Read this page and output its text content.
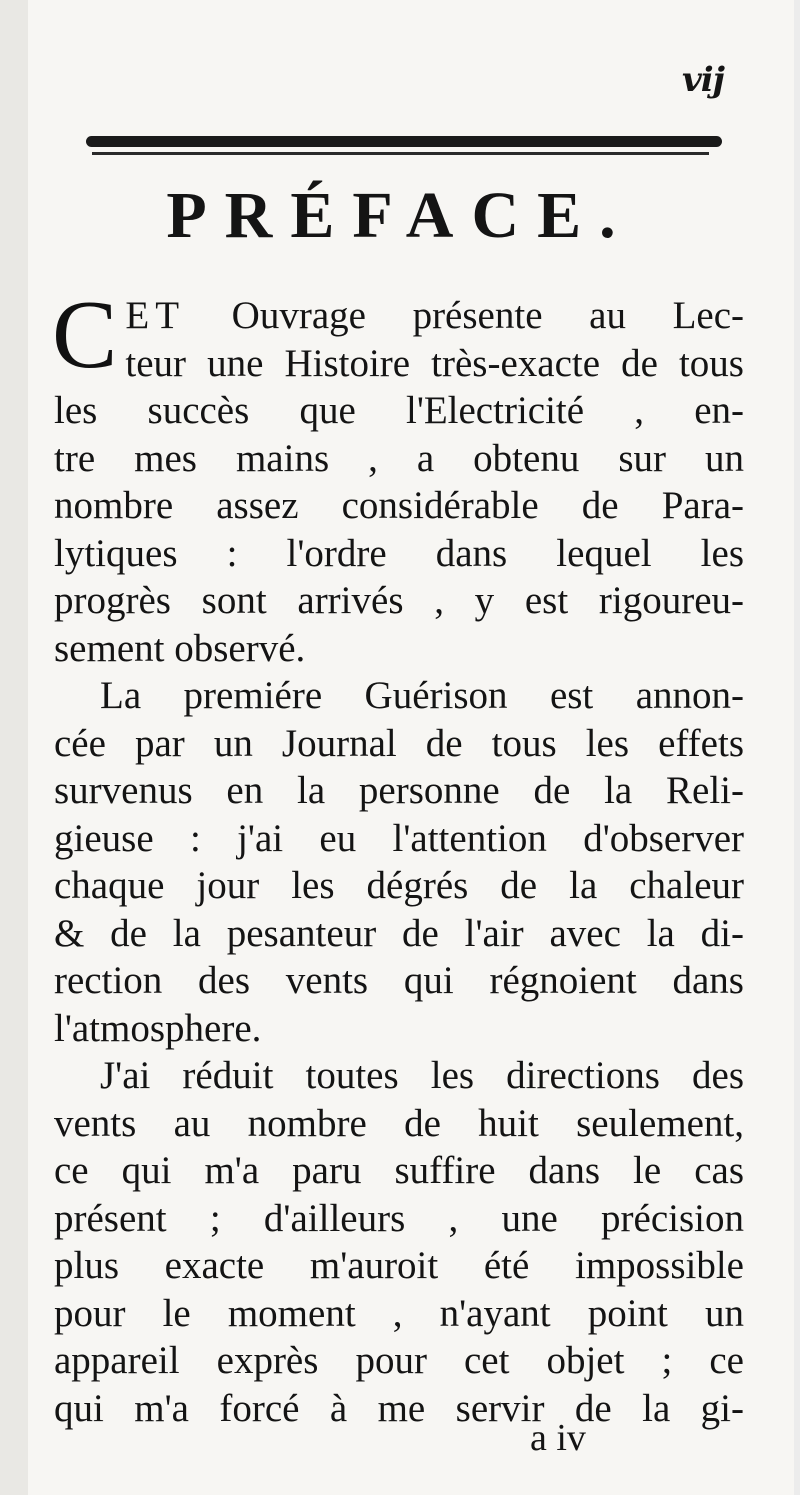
vij
PRÉFACE.
C ET Ouvrage présente au Lec-
teur une Histoire très-exacte de tous
les succès que l'Electricité , en-
tre mes mains , a obtenu sur un
nombre assez considérable de Para-
lytiques : l'ordre dans lequel les
progrès sont arrivés , y est rigoureu-
sement observé.
La premiére Guérison est annon-
cée par un Journal de tous les effets
survenus en la personne de la Reli-
gieuse : j'ai eu l'attention d'observer
chaque jour les dégrés de la chaleur
& de la pesanteur de l'air avec la di-
rection des vents qui régnoient dans
l'atmosphere.
J'ai réduit toutes les directions des
vents au nombre de huit seulement,
ce qui m'a paru suffire dans le cas
présent ; d'ailleurs , une précision
plus exacte m'auroit été impossible
pour le moment , n'ayant point un
appareil exprès pour cet objet ; ce
qui m'a forcé à me servir de la gi-
a iv
